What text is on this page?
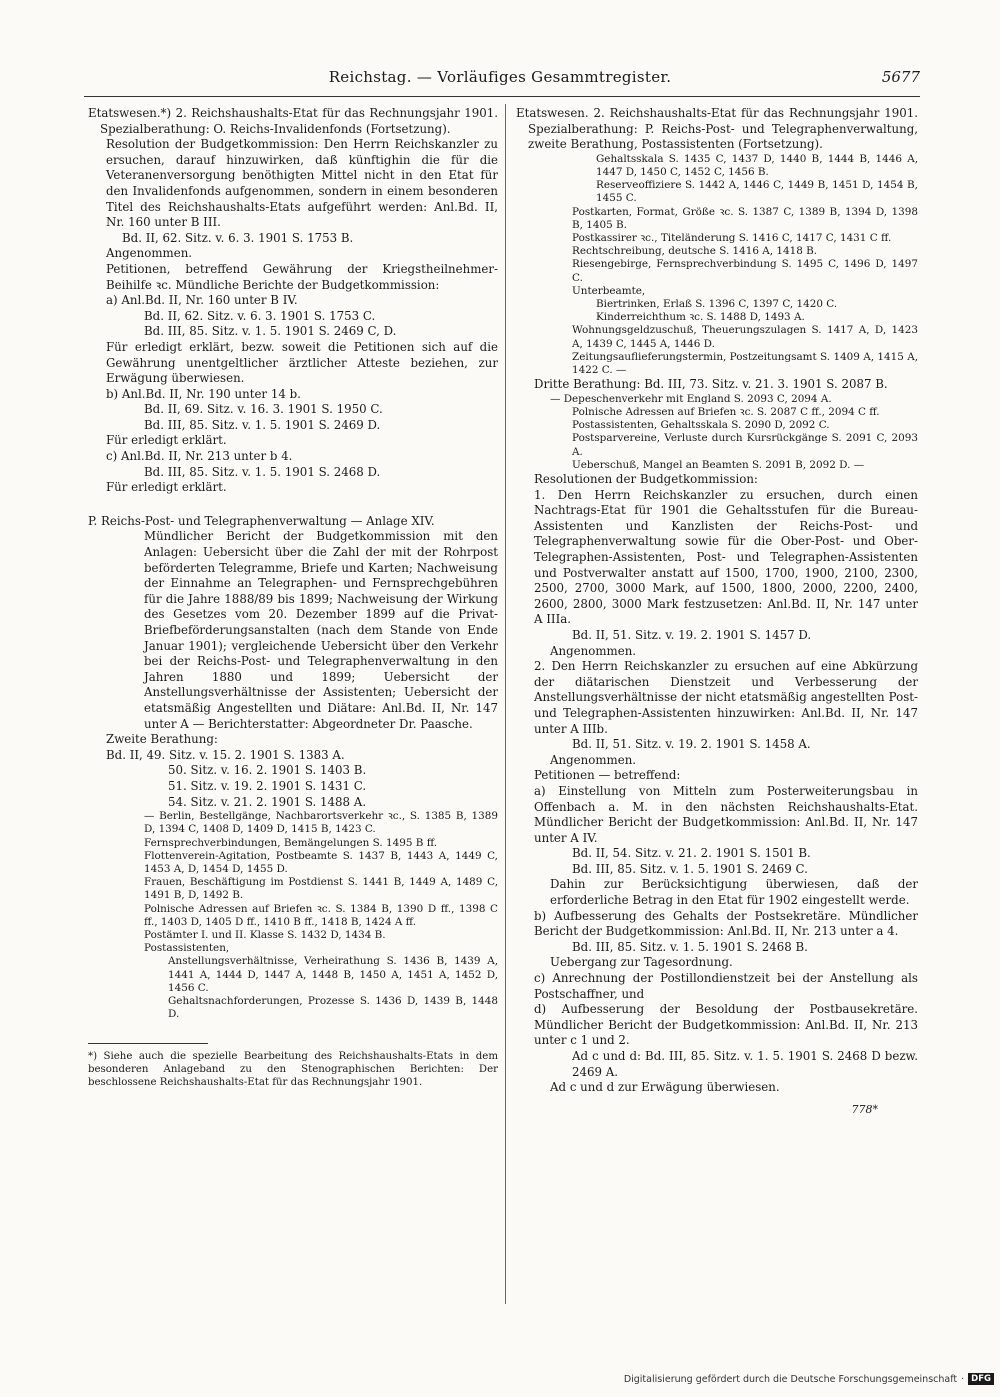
Reichstag. — Vorläufiges Gesammtregister.	5677

Etatswesen.*) 2. Reichshaushalts-Etat für das Rechnungsjahr 1901. Spezialberathung: O. Reichs-Invalidenfonds (Fortsetzung).

Resolution der Budgetkommission: Den Herrn Reichskanzler zu ersuchen, darauf hinzuwirken, daß künftighin die für die Veteranenversorgung benöthigten Mittel nicht in den Etat für den Invalidenfonds aufgenommen, sondern in einem besonderen Titel des Reichshaushalts-Etats aufgeführt werden: Anl.Bd. II, Nr. 160 unter B III.

Bd. II, 62. Sitz. v. 6. 3. 1901 S. 1753 B.

Angenommen.

Petitionen, betreffend Gewährung der Kriegstheilnehmer-Beihilfe ꝛc. Mündliche Berichte der Budgetkommission:

a) Anl.Bd. II, Nr. 160 unter B IV.

Bd. II, 62. Sitz. v. 6. 3. 1901 S. 1753 C.

Bd. III, 85. Sitz. v. 1. 5. 1901 S. 2469 C, D.

Für erledigt erklärt, bezw. soweit die Petitionen sich auf die Gewährung unentgeltlicher ärztlicher Atteste beziehen, zur Erwägung überwiesen.

b) Anl.Bd. II, Nr. 190 unter 14 b.

Bd. II, 69. Sitz. v. 16. 3. 1901 S. 1950 C.

Bd. III, 85. Sitz. v. 1. 5. 1901 S. 2469 D.

Für erledigt erklärt.

c) Anl.Bd. II, Nr. 213 unter b 4.

Bd. III, 85. Sitz. v. 1. 5. 1901 S. 2468 D.

Für erledigt erklärt.

P. Reichs-Post- und Telegraphenverwaltung — Anlage XIV.

Mündlicher Bericht der Budgetkommission mit den Anlagen: Uebersicht über die Zahl der mit der Rohrpost beförderten Telegramme, Briefe und Karten; Nachweisung der Einnahme an Telegraphen- und Fernsprechgebühren für die Jahre 1888/89 bis 1899; Nachweisung der Wirkung des Gesetzes vom 20. Dezember 1899 auf die Privat-Briefbeförderungsanstalten (nach dem Stande von Ende Januar 1901); vergleichende Uebersicht über den Verkehr bei der Reichs-Post- und Telegraphenverwaltung in den Jahren 1880 und 1899; Uebersicht der Anstellungsverhältnisse der Assistenten; Uebersicht der etatsmäßig Angestellten und Diätare: Anl.Bd. II, Nr. 147 unter A — Berichterstatter: Abgeordneter Dr. Paasche.

Zweite Berathung:

Bd. II, 49. Sitz. v. 15. 2. 1901 S. 1383 A.

50. Sitz. v. 16. 2. 1901 S. 1403 B.

51. Sitz. v. 19. 2. 1901 S. 1431 C.

54. Sitz. v. 21. 2. 1901 S. 1488 A.

— Berlin, Bestellgänge, Nachbarortsverkehr ꝛc., S. 1385 B, 1389 D, 1394 C, 1408 D, 1409 D, 1415 B, 1423 C.

Fernsprechverbindungen, Bemängelungen S. 1495 B ff.

Flottenverein-Agitation, Postbeamte S. 1437 B, 1443 A, 1449 C, 1453 A, D, 1454 D, 1455 D.

Frauen, Beschäftigung im Postdienst S. 1441 B, 1449 A, 1489 C, 1491 B, D, 1492 B.

Polnische Adressen auf Briefen ꝛc. S. 1384 B, 1390 D ff., 1398 C ff., 1403 D, 1405 D ff., 1410 B ff., 1418 B, 1424 A ff.

Postämter I. und II. Klasse S. 1432 D, 1434 B.

Postassistenten,

Anstellungsverhältnisse, Verheirathung S. 1436 B, 1439 A, 1441 A, 1444 D, 1447 A, 1448 B, 1450 A, 1451 A, 1452 D, 1456 C.

Gehaltsnachforderungen, Prozesse S. 1436 D, 1439 B, 1448 D.

*) Siehe auch die spezielle Bearbeitung des Reichshaushalts-Etats in dem besonderen Anlageband zu den Stenographischen Berichten: Der beschlossene Reichshaushalts-Etat für das Rechnungsjahr 1901.

Etatswesen. 2. Reichshaushalts-Etat für das Rechnungsjahr 1901. Spezialberathung: P. Reichs-Post- und Telegraphenverwaltung, zweite Berathung, Postassistenten (Fortsetzung).

Gehaltsskala S. 1435 C, 1437 D, 1440 B, 1444 B, 1446 A, 1447 D, 1450 C, 1452 C, 1456 B.

Reserveoffiziere S. 1442 A, 1446 C, 1449 B, 1451 D, 1454 B, 1455 C.

Postkarten, Format, Größe ꝛc. S. 1387 C, 1389 B, 1394 D, 1398 B, 1405 B.

Postkassirer ꝛc., Titeländerung S. 1416 C, 1417 C, 1431 C ff.

Rechtschreibung, deutsche S. 1416 A, 1418 B.

Riesengebirge, Fernsprechverbindung S. 1495 C, 1496 D, 1497 C.

Unterbeamte,

Biertrinken, Erlaß S. 1396 C, 1397 C, 1420 C.

Kinderreichthum ꝛc. S. 1488 D, 1493 A.

Wohnungsgeldzuschuß, Theuerungszulagen S. 1417 A, D, 1423 A, 1439 C, 1445 A, 1446 D.

Zeitungsauflieferungstermin, Postzeitungsamt S. 1409 A, 1415 A, 1422 C. —

Dritte Berathung: Bd. III, 73. Sitz. v. 21. 3. 1901 S. 2087 B.

— Depeschenverkehr mit England S. 2093 C, 2094 A.

Polnische Adressen auf Briefen ꝛc. S. 2087 C ff., 2094 C ff.

Postassistenten, Gehaltsskala S. 2090 D, 2092 C.

Postsparvereine, Verluste durch Kursrückgänge S. 2091 C, 2093 A.

Ueberschuß, Mangel an Beamten S. 2091 B, 2092 D. —

Resolutionen der Budgetkommission:

1. Den Herrn Reichskanzler zu ersuchen, durch einen Nachtrags-Etat für 1901 die Gehaltsstufen für die Bureau-Assistenten und Kanzlisten der Reichs-Post- und Telegraphenverwaltung sowie für die Ober-Post- und Ober-Telegraphen-Assistenten, Post- und Telegraphen-Assistenten und Postverwalter anstatt auf 1500, 1700, 1900, 2100, 2300, 2500, 2700, 3000 Mark, auf 1500, 1800, 2000, 2200, 2400, 2600, 2800, 3000 Mark festzusetzen: Anl.Bd. II, Nr. 147 unter A IIIa.

Bd. II, 51. Sitz. v. 19. 2. 1901 S. 1457 D.

Angenommen.

2. Den Herrn Reichskanzler zu ersuchen auf eine Abkürzung der diätarischen Dienstzeit und Verbesserung der Anstellungsverhältnisse der nicht etatsmäßig angestellten Post- und Telegraphen-Assistenten hinzuwirken: Anl.Bd. II, Nr. 147 unter A IIIb.

Bd. II, 51. Sitz. v. 19. 2. 1901 S. 1458 A.

Angenommen.

Petitionen — betreffend:

a) Einstellung von Mitteln zum Posterweiterungsbau in Offenbach a. M. in den nächsten Reichshaushalts-Etat. Mündlicher Bericht der Budgetkommission: Anl.Bd. II, Nr. 147 unter A IV.

Bd. II, 54. Sitz. v. 21. 2. 1901 S. 1501 B.

Bd. III, 85. Sitz. v. 1. 5. 1901 S. 2469 C.

Dahin zur Berücksichtigung überwiesen, daß der erforderliche Betrag in den Etat für 1902 eingestellt werde.

b) Aufbesserung des Gehalts der Postsekretäre. Mündlicher Bericht der Budgetkommission: Anl.Bd. II, Nr. 213 unter a 4.

Bd. III, 85. Sitz. v. 1. 5. 1901 S. 2468 B.

Uebergang zur Tagesordnung.

c) Anrechnung der Postillondienstzeit bei der Anstellung als Postschaffner, und

d) Aufbesserung der Besoldung der Postbausekretäre. Mündlicher Bericht der Budgetkommission: Anl.Bd. II, Nr. 213 unter c 1 und 2.

Ad c und d: Bd. III, 85. Sitz. v. 1. 5. 1901 S. 2468 D bezw. 2469 A.

Ad c und d zur Erwägung überwiesen.

778*
Digitalisierung gefördert durch die Deutsche Forschungsgemeinschaft · DFG
